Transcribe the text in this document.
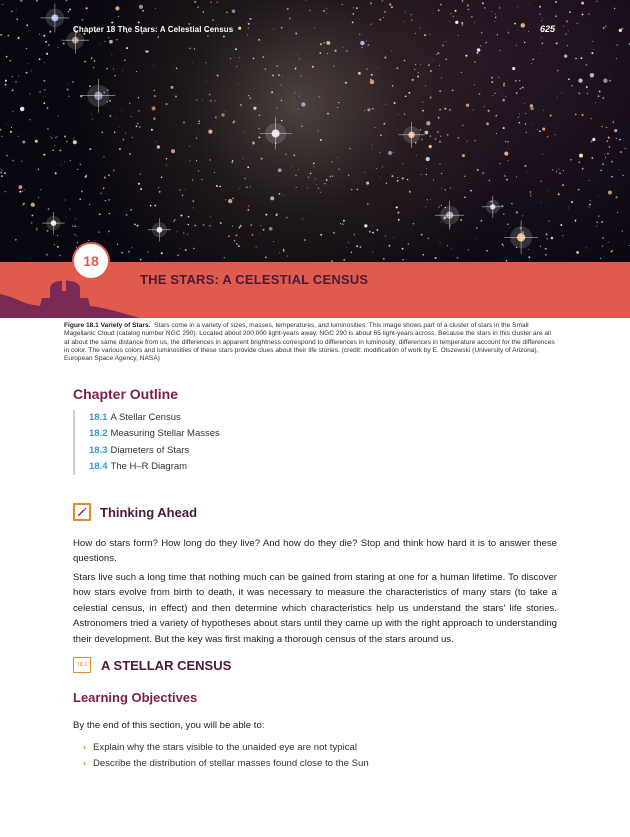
Chapter 18 The Stars: A Celestial Census	625
18
THE STARS: A CELESTIAL CENSUS
Figure 18.1 Variety of Stars. Stars come in a variety of sizes, masses, temperatures, and luminosities. This image shows part of a cluster of stars in the Small Magellanic Cloud (catalog number NGC 290). Located about 200,000 light-years away, NGC 290 is about 65 light-years across. Because the stars in this cluster are all at about the same distance from us, the differences in apparent brightness correspond to differences in luminosity; differences in temperature account for the differences in color. The various colors and luminosities of these stars provide clues about their life stories. (credit: modification of work by E. Olszewski (University of Arizona), European Space Agency, NASA)
Chapter Outline
18.1 A Stellar Census
18.2 Measuring Stellar Masses
18.3 Diameters of Stars
18.4 The H–R Diagram
Thinking Ahead
How do stars form? How long do they live? And how do they die? Stop and think how hard it is to answer these questions.
Stars live such a long time that nothing much can be gained from staring at one for a human lifetime. To discover how stars evolve from birth to death, it was necessary to measure the characteristics of many stars (to take a celestial census, in effect) and then determine which characteristics help us understand the stars' life stories. Astronomers tried a variety of hypotheses about stars until they came up with the right approach to understanding their development. But the key was first making a thorough census of the stars around us.
18.1 A STELLAR CENSUS
Learning Objectives
By the end of this section, you will be able to:
› Explain why the stars visible to the unaided eye are not typical
› Describe the distribution of stellar masses found close to the Sun
